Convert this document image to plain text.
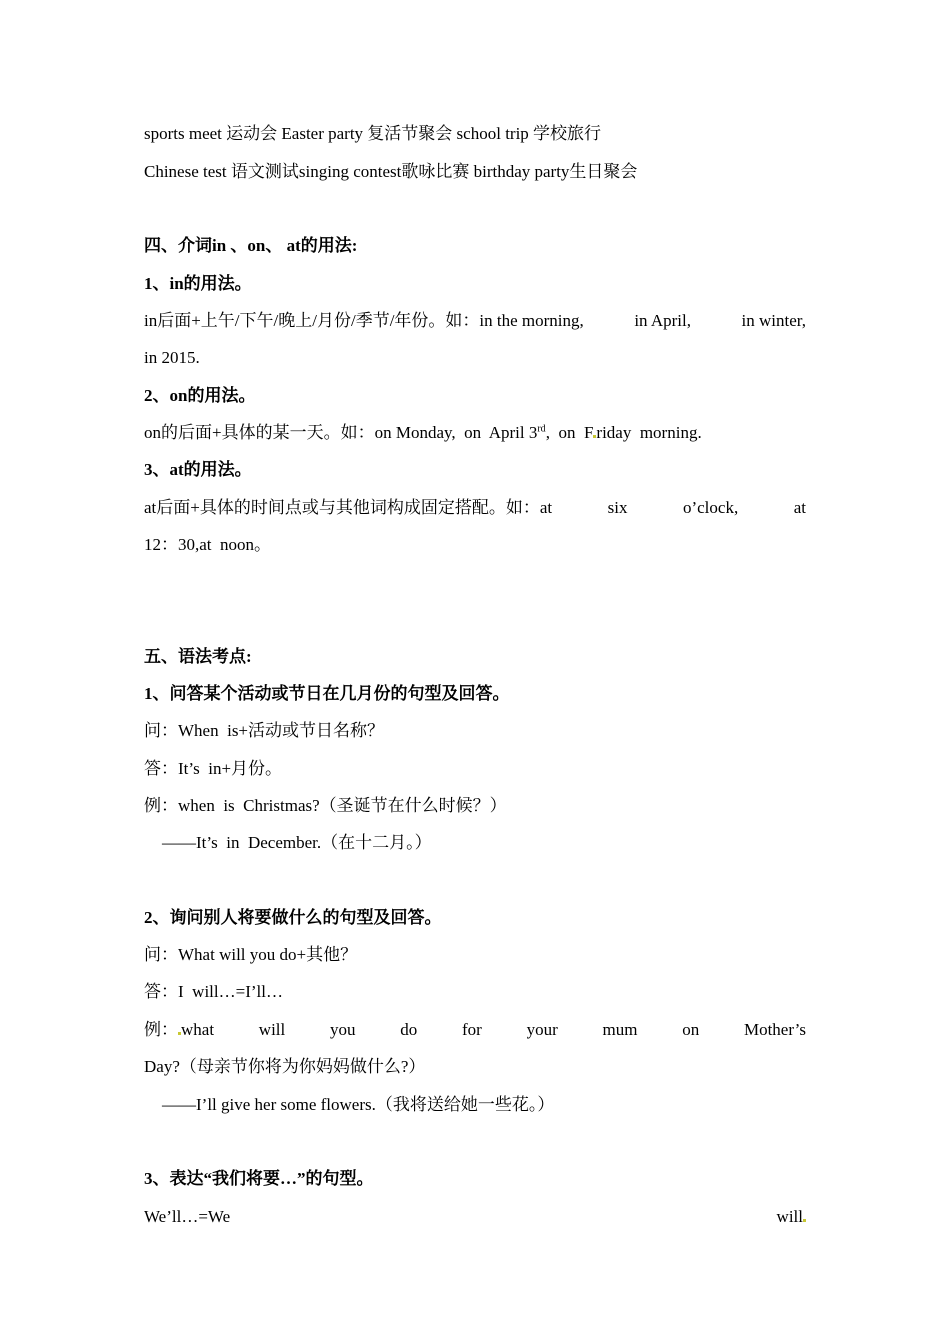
sports meet 运动会 Easter party 复活节聚会 school trip 学校旅行
Chinese test 语文测试singing contest歌咏比赛 birthday party生日聚会
四、介词in 、on、 at的用法:
1、in的用法。
in后面+上午/下午/晚上/月份/季节/年份。如：in the morning,	in April,	in winter,
in 2015.
2、on的用法。
on的后面+具体的某一天。如：on Monday,  on  April 3rd,  on  F riday  morning.
3、at的用法。
at后面+具体的时间点或与其他词构成固定搭配。如：at	six	o’clock,	at
12：30,at  noon。
五、语法考点:
1、问答某个活动或节日在几月份的句型及回答。
问：When  is+活动或节日名称？
答：It’s  in+月份。
例：when  is  Christmas?（圣诞节在什么时候？）
——It’s  in  December.（在十二月。）
2、询问别人将要做什么的句型及回答。
问：What will you do+其他？
答：I  will…=I’ll…
例： what	will	you	do	for	your	mum	on	Mother’s
Day?（母亲节你将为你妈妈做什么?）
——I’ll give her some flowers.（我将送给她一些花。）
3、表达“我们将要…”的句型。
We’ll…=We	will
